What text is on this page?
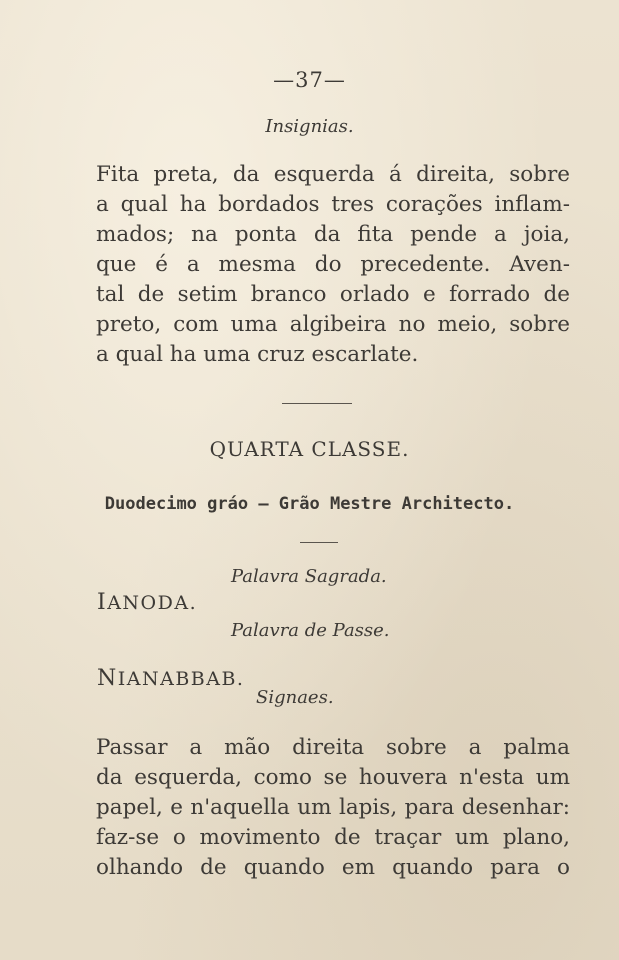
—37—

Insignias.

Fita preta, da esquerda á direita, sobre
a qual ha bordados tres corações inflam-
mados; na ponta da fita pende a joia,
que é a mesma do precedente. Aven-
tal de setim branco orlado e forrado de
preto, com uma algibeira no meio, sobre
a qual ha uma cruz escarlate.

QUARTA CLASSE.

Duodecimo gráo — Grão Mestre Architecto.

Palavra Sagrada.

IANODA.

Palavra de Passe.

NIANABBAB.

Signaes.

Passar a mão direita sobre a palma
da esquerda, como se houvera n'esta um
papel, e n'aquella um lapis, para desenhar:
faz-se o movimento de traçar um plano,
olhando de quando em quando para o
